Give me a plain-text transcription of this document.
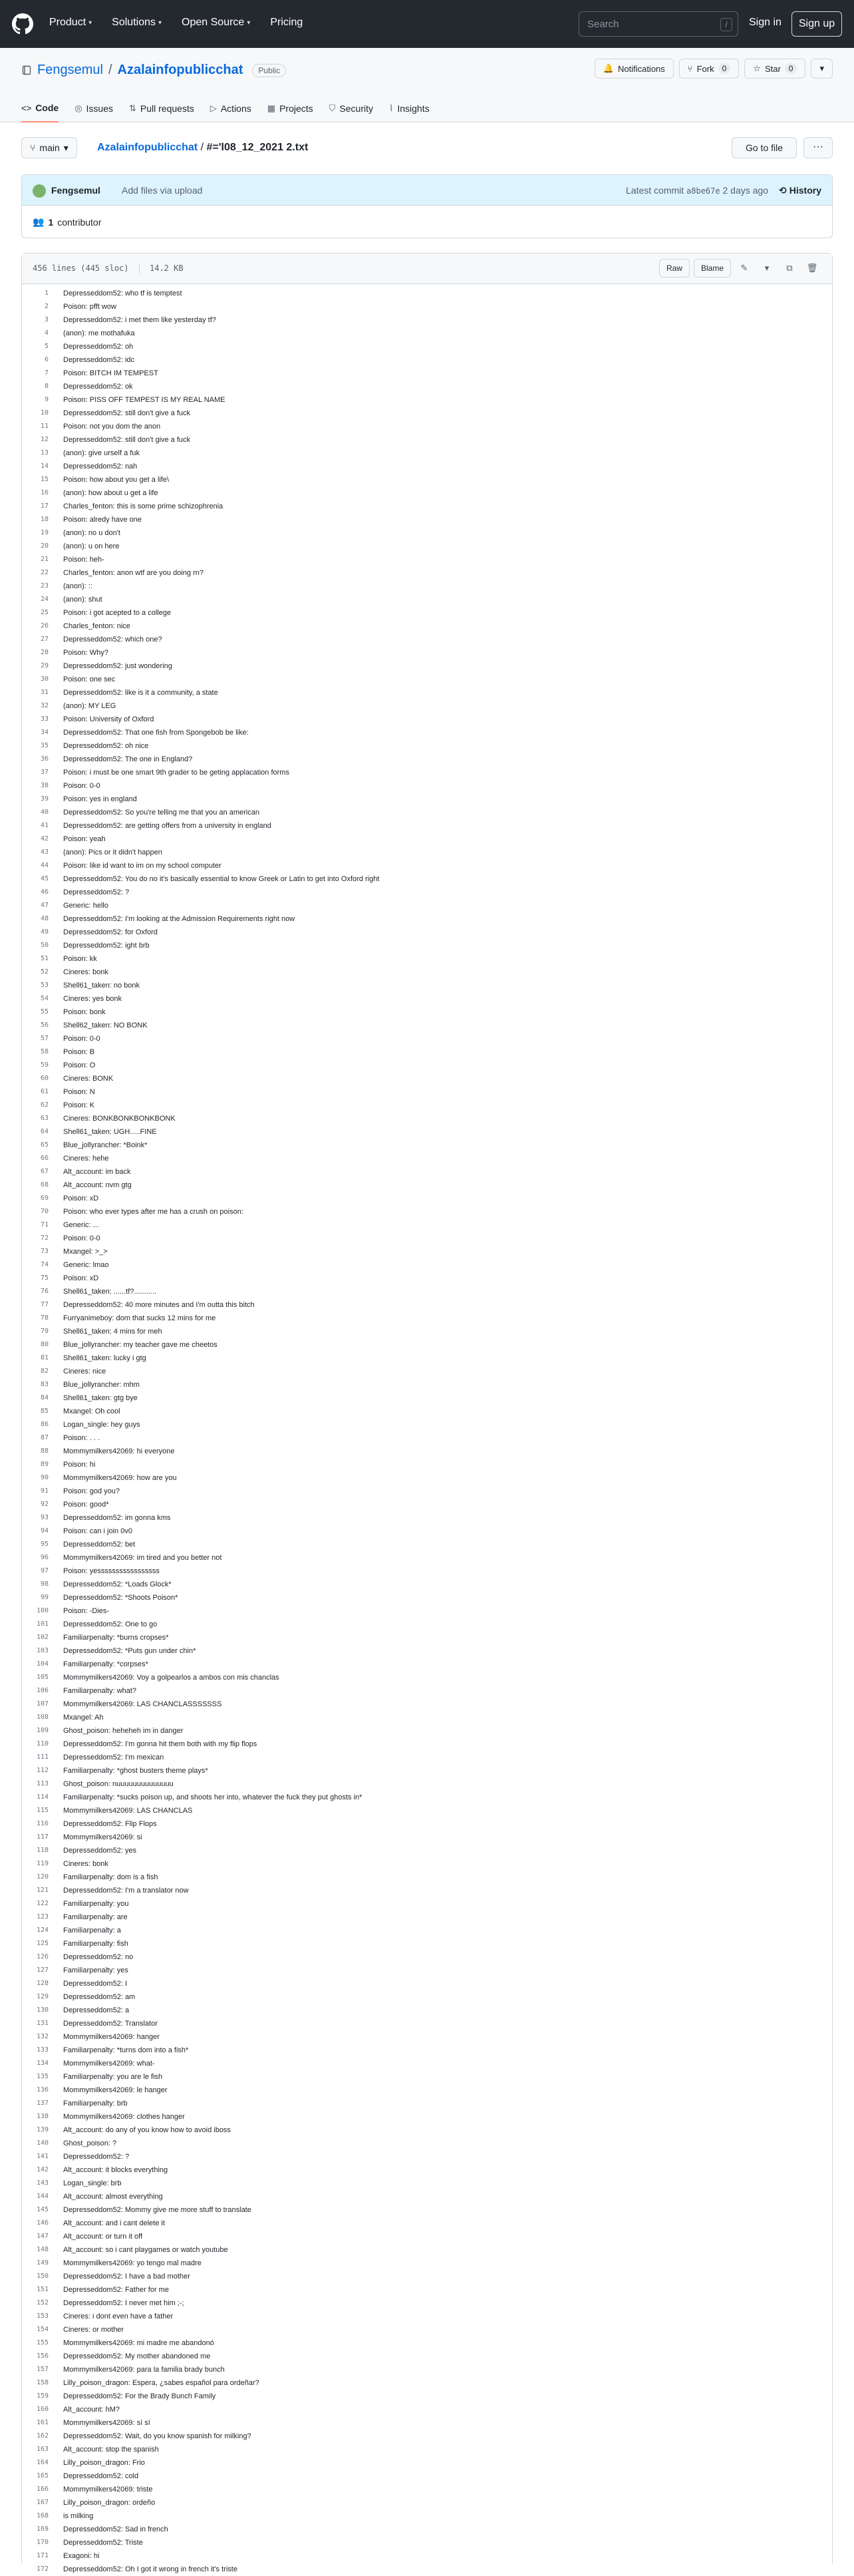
Product ▾ Solutions ▾ Open Source ▾ Pricing	Search	/	Sign in	Sign up
Fengsemul / Azalainfopublicchat	Public	🔔 Notifications	⑂ Fork	0	☆ Star	0	▾
<> Code ◎ Issues ⇅ Pull requests ▷ Actions ▦ Projects ⛉ Security ⌇ Insights
⑂ main ▾	Azalainfopublicchat / #='l08_12_2021 2.txt	Go to file	···
Fengsemul Add files via upload	Latest commit a8be67e 2 days ago ⟲ History
👥 1 contributor
456 lines (445 sloc)	14.2 KB	Raw	Blame	✎	▾	⧉	🗑
1	Depresseddom52: who tf is temptest
2	Poison: pfft wow
3	Depresseddom52: i met them like yesterday tf?
4	(anon): me mothafuka
5	Depresseddom52: oh
6	Depresseddom52: idc
7	Poison: BITCH IM TEMPEST
8	Depresseddom52: ok
9	Poison: PISS OFF TEMPEST IS MY REAL NAME
10	Depresseddom52: still don't give a fuck
11	Poison: not you dom the anon
12	Depresseddom52: still don't give a fuck
13	(anon): give urself a fuk
14	Depresseddom52: nah
15	Poison: how about you get a life\
16	(anon): how about u get a life
17	Charles_fenton: this is some prime schizophrenia
18	Poison: alredy have one
19	(anon): no u don't
20	(anon): u on here
21	Poison: heh-
22	Charles_fenton: anon wtf are you doing rn?
23	(anon): ::
24	(anon): shut
25	Poison: i got acepted to a college
26	Charles_fenton: nice
27	Depresseddom52: which one?
28	Poison: Why?
29	Depresseddom52: just wondering
30	Poison: one sec
31	Depresseddom52: like is it a community, a state
32	(anon): MY LEG
33	Poison: University of Oxford
34	Depresseddom52: That one fish from Spongebob be like:
35	Depresseddom52: oh nice
36	Depresseddom52: The one in England?
37	Poison: i must be one smart 9th grader to be geting applacation forms
38	Poison: 0-0
39	Poison: yes in england
40	Depresseddom52: So you're telling me that you an american
41	Depresseddom52: are getting offers from a university in england
42	Poison: yeah
43	(anon): Pics or it didn't happen
44	Poison: like id want to im on my school computer
45	Depresseddom52: You do no it's basically essential to know Greek or Latin to get into Oxford right
46	Depresseddom52: ?
47	Generic: hello
48	Depresseddom52: I'm looking at the Admission Requirements right now
49	Depresseddom52: for Oxford
50	Depresseddom52: ight brb
51	Poison: kk
52	Cineres: bonk
53	Shell61_taken: no bonk
54	Cineres: yes bonk
55	Poison: bonk
56	Shell62_taken: NO BONK
57	Poison: 0-0
58	Poison: B
59	Poison: O
60	Cineres: BONK
61	Poison: N
62	Poison: K
63	Cineres: BONKBONKBONKBONK
64	Shell61_taken: UGH.....FINE
65	Blue_jollyrancher: *Boink*
66	Cineres: hehe
67	Alt_account: im back
68	Alt_account: nvm gtg
69	Poison: xD
70	Poison: who ever types after me has a crush on poison:
71	Generic: ...
72	Poison: 0-0
73	Mxangel: >_>
74	Generic: lmao
75	Poison: xD
76	Shell61_taken: ......tf?...........
77	Depresseddom52: 40 more minutes and I'm outta this bitch
78	Furryanimeboy: dom that sucks 12 mins for me
79	Shell61_taken: 4 mins for meh
80	Blue_jollyrancher: my teacher gave me cheetos
81	Shell61_taken: lucky i gtg
82	Cineres: nice
83	Blue_jollyrancher: mhm
84	Shell61_taken: gtg bye
85	Mxangel: Oh cool
86	Logan_single: hey guys
87	Poison: . . .
88	Mommymilkers42069: hi everyone
89	Poison: hi
90	Mommymilkers42069: how are you
91	Poison: god you?
92	Poison: good*
93	Depresseddom52: im gonna kms
94	Poison: can i join 0v0
95	Depresseddom52: bet
96	Mommymilkers42069: im tired and you better not
97	Poison: yesssssssssssssssss
98	Depresseddom52: *Loads Glock*
99	Depresseddom52: *Shoots Poison*
100	Poison: -Dies-
101	Depresseddom52: One to go
102	Familiarpenalty: *burns cropses*
103	Depresseddom52: *Puts gun under chin*
104	Familiarpenalty: *corpses*
105	Mommymilkers42069: Voy a golpearlos a ambos con mis chanclas
106	Familiarpenalty: what?
107	Mommymilkers42069: LAS CHANCLASSSSSSS
108	Mxangel: Ah
109	Ghost_poison: heheheh im in danger
110	Depresseddom52: I'm gonna hit them both with my flip flops
111	Depresseddom52: I'm mexican
112	Familiarpenalty: *ghost busters theme plays*
113	Ghost_poison: nuuuuuuuuuuuuuu
114	Familiarpenalty: *sucks poison up, and shoots her into, whatever the fuck they put ghosts in*
115	Mommymilkers42069: LAS CHANCLAS
116	Depresseddom52: Flip Flops
117	Mommymilkers42069: si
118	Depresseddom52: yes
119	Cineres: bonk
120	Familiarpenalty: dom is a fish
121	Depresseddom52: I'm a translator now
122	Familiarpenalty: you
123	Familiarpenalty: are
124	Familiarpenalty: a
125	Familiarpenalty: fish
126	Depresseddom52: no
127	Familiarpenalty: yes
128	Depresseddom52: I
129	Depresseddom52: am
130	Depresseddom52: a
131	Depresseddom52: Translator
132	Mommymilkers42069: hanger
133	Familiarpenalty: *turns dom into a fish*
134	Mommymilkers42069: what-
135	Familiarpenalty: you are le fish
136	Mommymilkers42069: le hanger
137	Familiarpenalty: brb
138	Mommymilkers42069: clothes hanger
139	Alt_account: do any of you know how to avoid iboss
140	Ghost_poison: ?
141	Depresseddom52: ?
142	Alt_account: it blocks everything
143	Logan_single: brb
144	Alt_account: almost everything
145	Depresseddom52: Mommy give me more stuff to translate
146	Alt_account: and i cant delete it
147	Alt_account: or turn it off
148	Alt_account: so i cant playgames or watch youtube
149	Mommymilkers42069: yo tengo mal madre
150	Depresseddom52: I have a bad mother
151	Depresseddom52: Father for me
152	Depresseddom52: I never met him ;-;
153	Cineres: i dont even have a father
154	Cineres: or mother
155	Mommymilkers42069: mi madre me abandonó
156	Depresseddom52: My mother abandoned me
157	Mommymilkers42069: para la familia brady bunch
158	Lilly_poison_dragon: Espera, ¿sabes español para ordeñar?
159	Depresseddom52: For the Brady Bunch Family
160	Alt_account: hM?
161	Mommymilkers42069: sí sí
162	Depresseddom52: Wait, do you know spanish for milking?
163	Alt_account: stop the spanish
164	Lilly_poison_dragon: Frio
165	Depresseddom52: cold
166	Mommymilkers42069: triste
167	Lilly_poison_dragon: ordeño
168	is milking
169	Depresseddom52: Sad in french
170	Depresseddom52: Triste
171	Exagoni: hi
172	Depresseddom52: Oh I got it wrong in french it's triste
